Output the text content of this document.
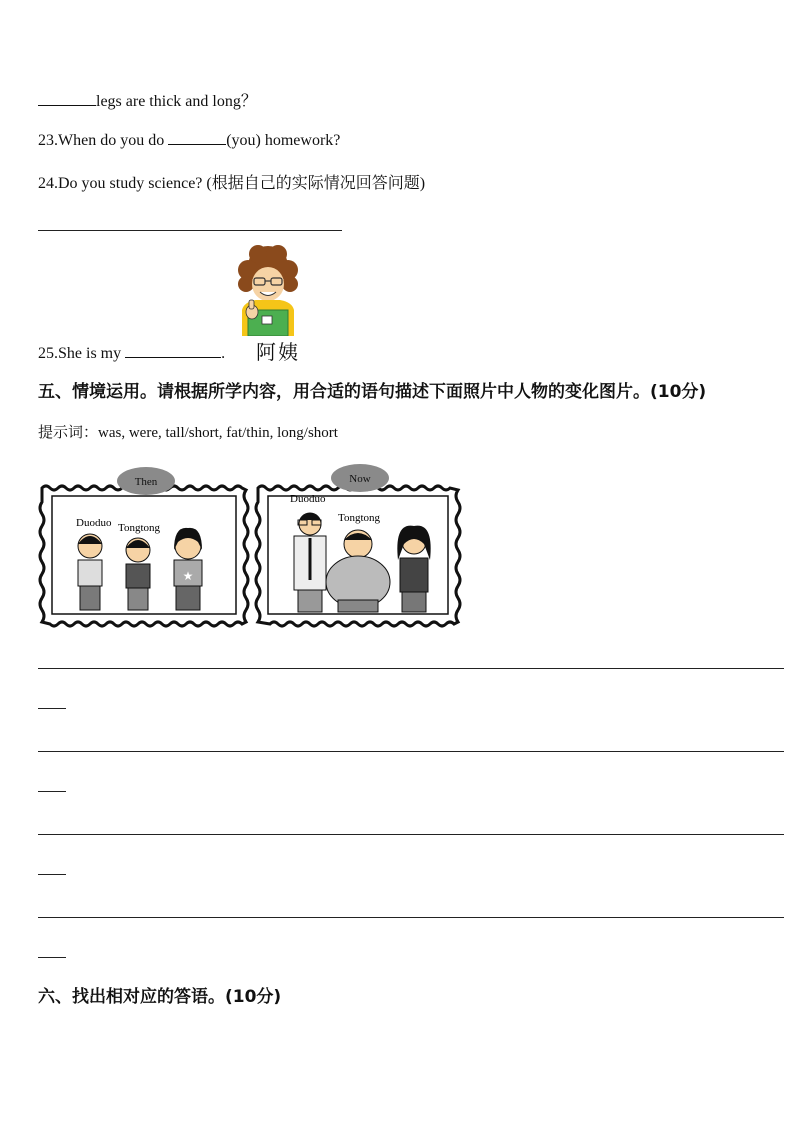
legs are thick and long？
23.When do you do	(you) homework?
24.Do you study science? (根据自己的实际情况回答问题)
25.She is my	. 阿姨
五、情境运用。请根据所学内容，用合适的语句描述下面照片中人物的变化图片。(10分)
提示词：was, were, tall/short, fat/thin, long/short
Then
Duoduo Tongtong
★
Now
Duoduo
Tongtong
六、找出相对应的答语。(10分)
